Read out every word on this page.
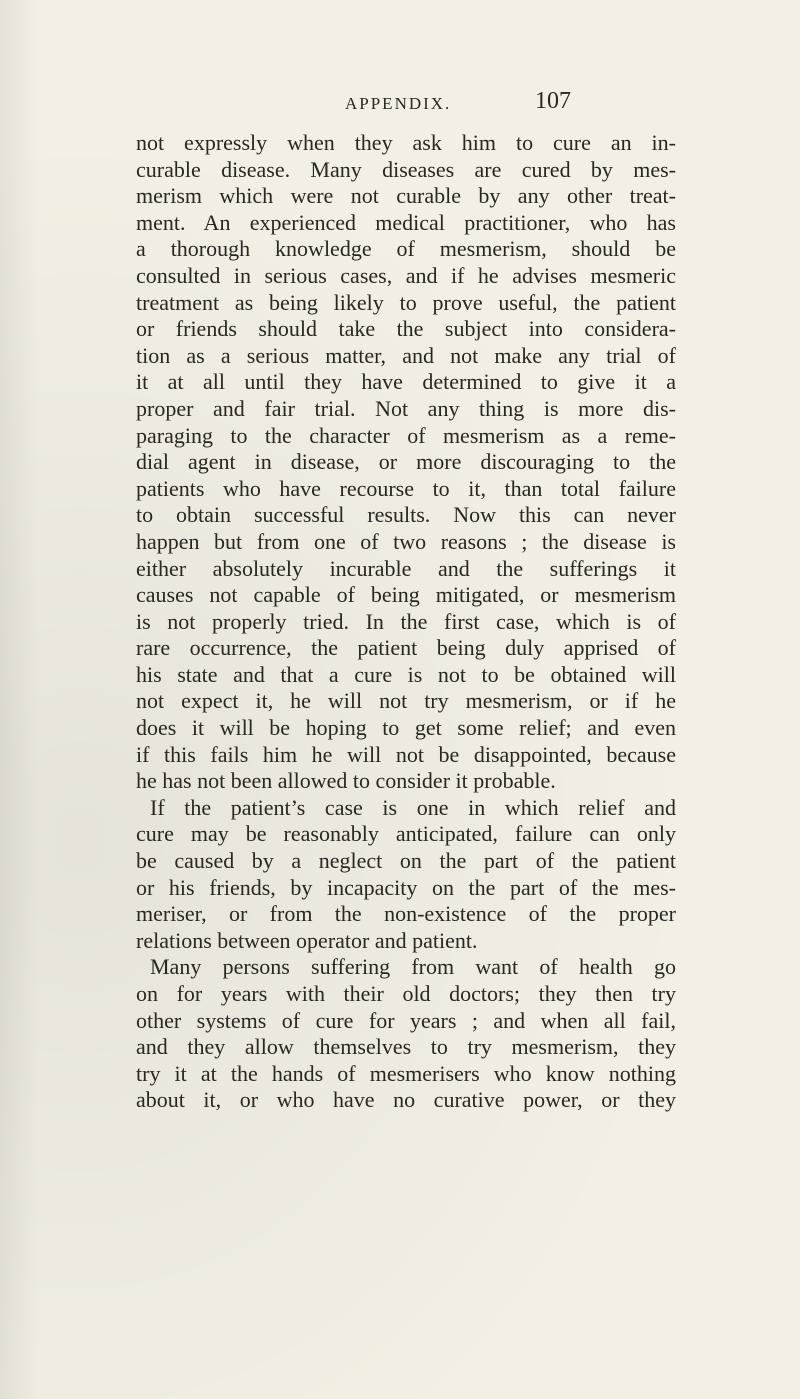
APPENDIX.	107
not expressly when they ask him to cure an in-
curable disease. Many diseases are cured by mes-
merism which were not curable by any other treat-
ment. An experienced medical practitioner, who has
a thorough knowledge of mesmerism, should be
consulted in serious cases, and if he advises mesmeric
treatment as being likely to prove useful, the patient
or friends should take the subject into considera-
tion as a serious matter, and not make any trial of
it at all until they have determined to give it a
proper and fair trial. Not any thing is more dis-
paraging to the character of mesmerism as a reme-
dial agent in disease, or more discouraging to the
patients who have recourse to it, than total failure
to obtain successful results. Now this can never
happen but from one of two reasons ; the disease is
either absolutely incurable and the sufferings it
causes not capable of being mitigated, or mesmerism
is not properly tried. In the first case, which is of
rare occurrence, the patient being duly apprised of
his state and that a cure is not to be obtained will
not expect it, he will not try mesmerism, or if he
does it will be hoping to get some relief; and even
if this fails him he will not be disappointed, because
he has not been allowed to consider it probable.
If the patient’s case is one in which relief and
cure may be reasonably anticipated, failure can only
be caused by a neglect on the part of the patient
or his friends, by incapacity on the part of the mes-
meriser, or from the non-existence of the proper
relations between operator and patient.
Many persons suffering from want of health go
on for years with their old doctors; they then try
other systems of cure for years ; and when all fail,
and they allow themselves to try mesmerism, they
try it at the hands of mesmerisers who know nothing
about it, or who have no curative power, or they
